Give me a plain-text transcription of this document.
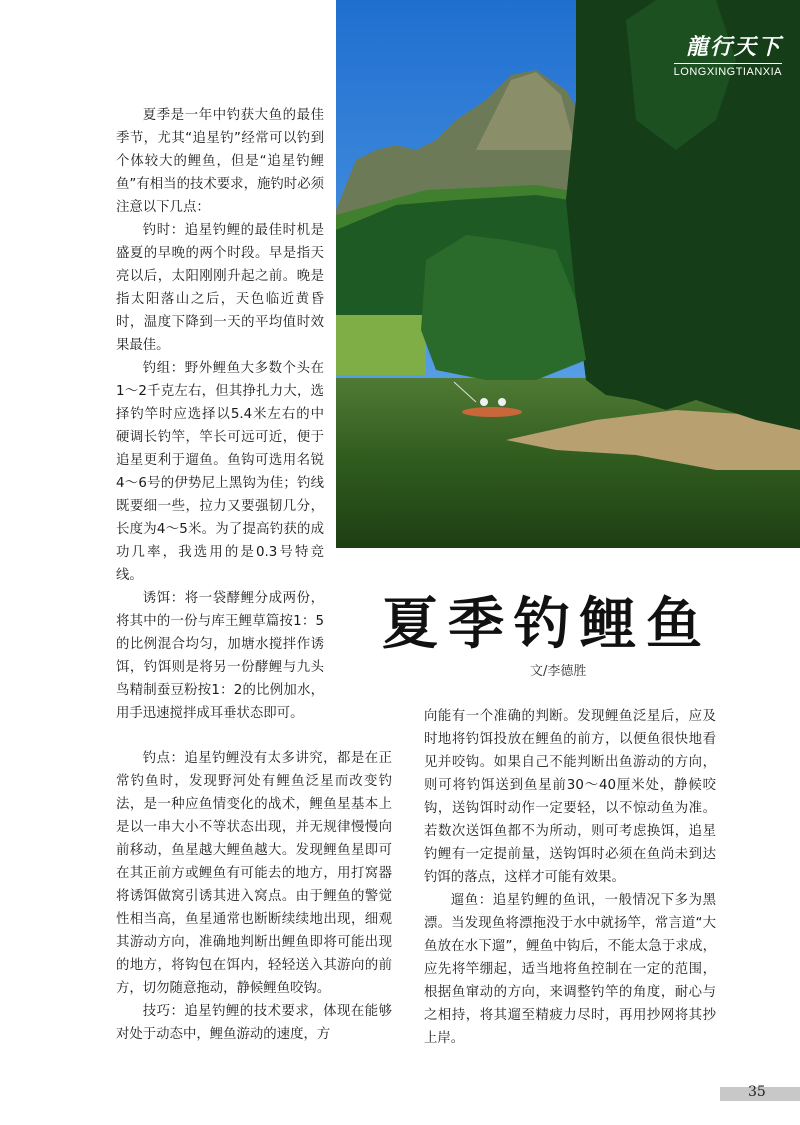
龍行天下
LONGXINGTIANXIA

夏季是一年中钓获大鱼的最佳季节，尤其“追星钓”经常可以钓到个体较大的鲤鱼，但是“追星钓鲤鱼”有相当的技术要求，施钓时必须注意以下几点：

钓时：追星钓鲤的最佳时机是盛夏的早晚的两个时段。早是指天亮以后，太阳刚刚升起之前。晚是指太阳落山之后，天色临近黄昏时，温度下降到一天的平均值时效果最佳。

钓组：野外鲤鱼大多数个头在1～2千克左右，但其挣扎力大，选择钓竿时应选择以5.4米左右的中硬调长钓竿，竿长可远可近，便于追星更利于遛鱼。鱼钩可选用名锐4～6号的伊势尼上黑钩为佳；钓线既要细一些，拉力又要强韧几分，长度为4～5米。为了提高钓获的成功几率，我选用的是0.3号特竞线。

诱饵：将一袋酵鲤分成两份，将其中的一份与库王鲤草篇按1：5的比例混合均匀，加塘水搅拌作诱饵，钓饵则是将另一份酵鲤与九头鸟精制蚕豆粉按1：2的比例加水，用手迅速搅拌成耳垂状态即可。

夏季钓鲤鱼
文/李德胜

钓点：追星钓鲤没有太多讲究，都是在正常钓鱼时，发现野河处有鲤鱼泛星而改变钓法，是一种应鱼情变化的战术，鲤鱼星基本上是以一串大小不等状态出现，并无规律慢慢向前移动，鱼星越大鲤鱼越大。发现鲤鱼星即可在其正前方或鲤鱼有可能去的地方，用打窝器将诱饵做窝引诱其进入窝点。由于鲤鱼的警觉性相当高，鱼星通常也断断续续地出现，细观其游动方向，准确地判断出鲤鱼即将可能出现的地方，将钩包在饵内，轻轻送入其游向的前方，切勿随意拖动，静候鲤鱼咬钩。

技巧：追星钓鲤的技术要求，体现在能够对处于动态中，鲤鱼游动的速度，方

向能有一个准确的判断。发现鲤鱼泛星后，应及时地将钓饵投放在鲤鱼的前方，以便鱼很快地看见并咬钩。如果自己不能判断出鱼游动的方向，则可将钓饵送到鱼星前30～40厘米处，静候咬钩，送钩饵时动作一定要轻，以不惊动鱼为准。若数次送饵鱼都不为所动，则可考虑换饵，追星钓鲤有一定提前量，送钩饵时必须在鱼尚未到达钓饵的落点，这样才可能有效果。

遛鱼：追星钓鲤的鱼讯，一般情况下多为黑漂。当发现鱼将漂拖没于水中就扬竿，常言道“大鱼放在水下遛”，鲤鱼中钩后，不能太急于求成，应先将竿绷起，适当地将鱼控制在一定的范围，根据鱼窜动的方向，来调整钓竿的角度，耐心与之相持，将其遛至精疲力尽时，再用抄网将其抄上岸。

35
